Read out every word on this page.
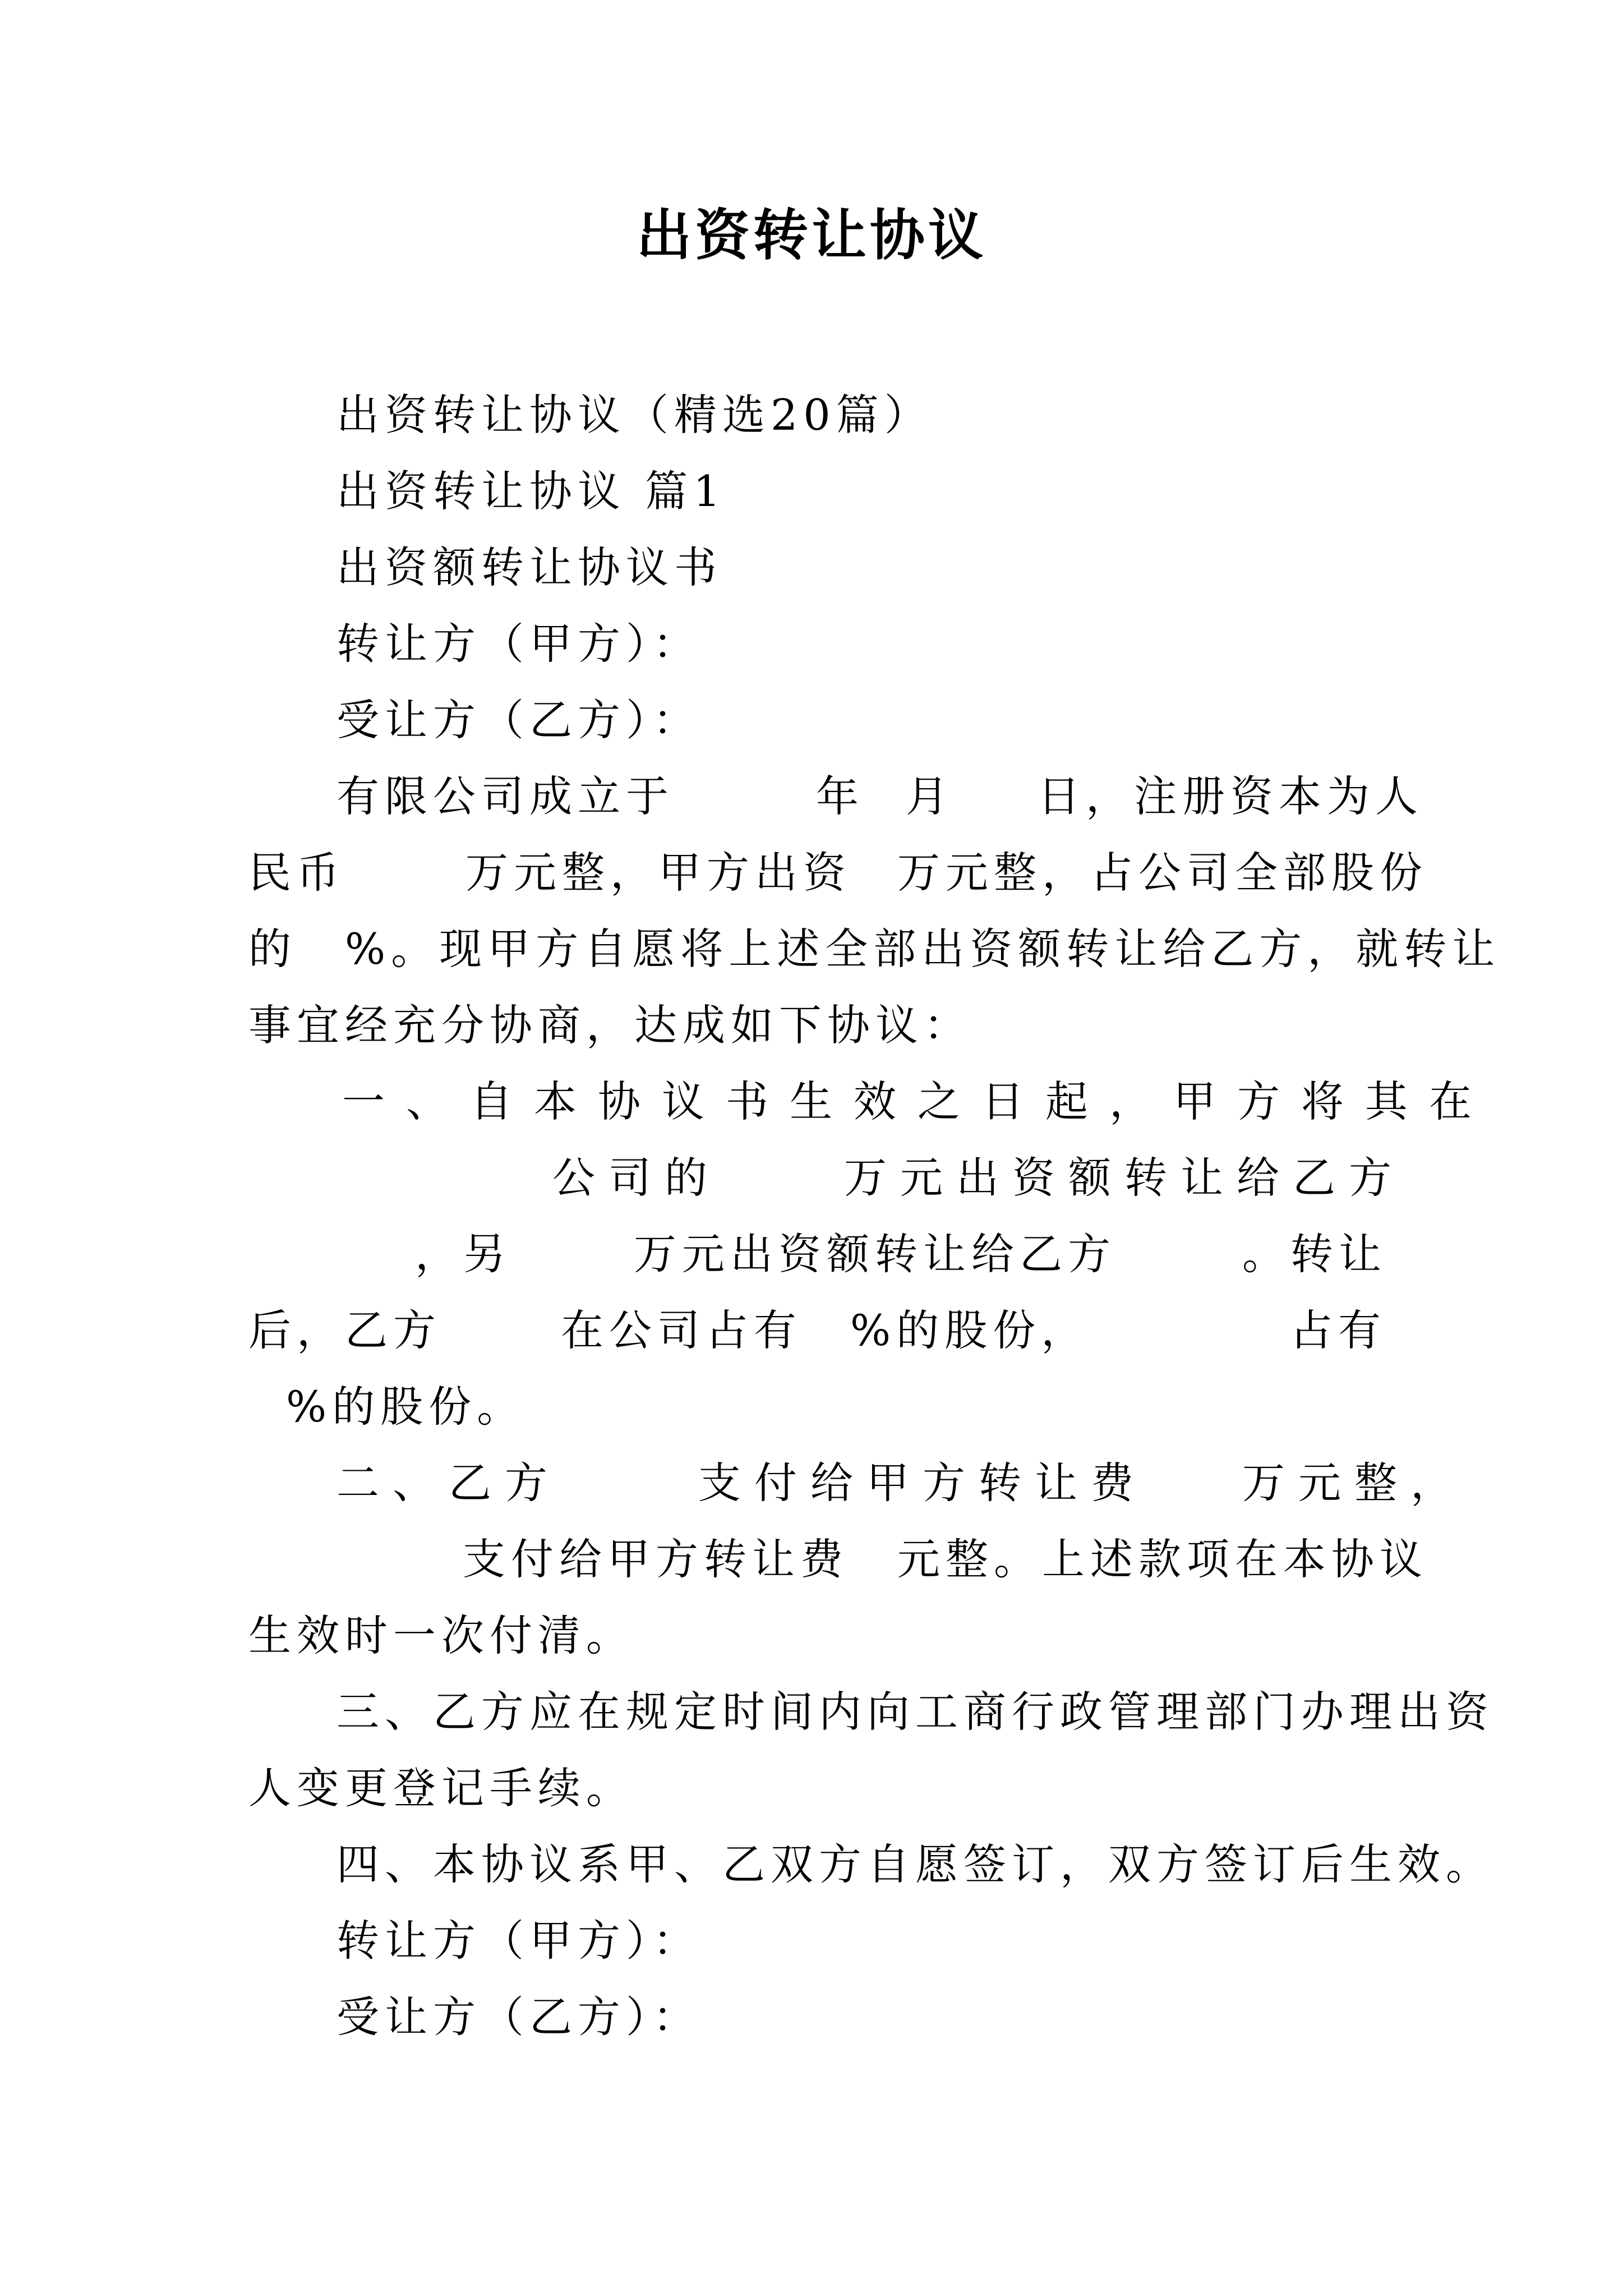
出资转让协议
出资转让协议（精选20篇）
出资转让协议 篇1
出资额转让协议书
转让方（甲方）：
受让方（乙方）：
有限公司成立于	年 月 日，注册资本为人
民币	万元整，甲方出资 万元整，占公司全部股份
的　%。现甲方自愿将上述全部出资额转让给乙方，就转让
事宜经充分协商，达成如下协议：
一、自本协议书生效之日起，甲方将其在
公司的	万元出资额转让给乙方
，另	万元出资额转让给乙方	。转让
后，乙方	在公司占有　%的股份，	占有
%的股份。
二、乙方	支付给甲方转让费 万元整，
支付给甲方转让费 元整。上述款项在本协议
生效时一次付清。
三、乙方应在规定时间内向工商行政管理部门办理出资
人变更登记手续。
四、本协议系甲、乙双方自愿签订，双方签订后生效。
转让方（甲方）：
受让方（乙方）：
